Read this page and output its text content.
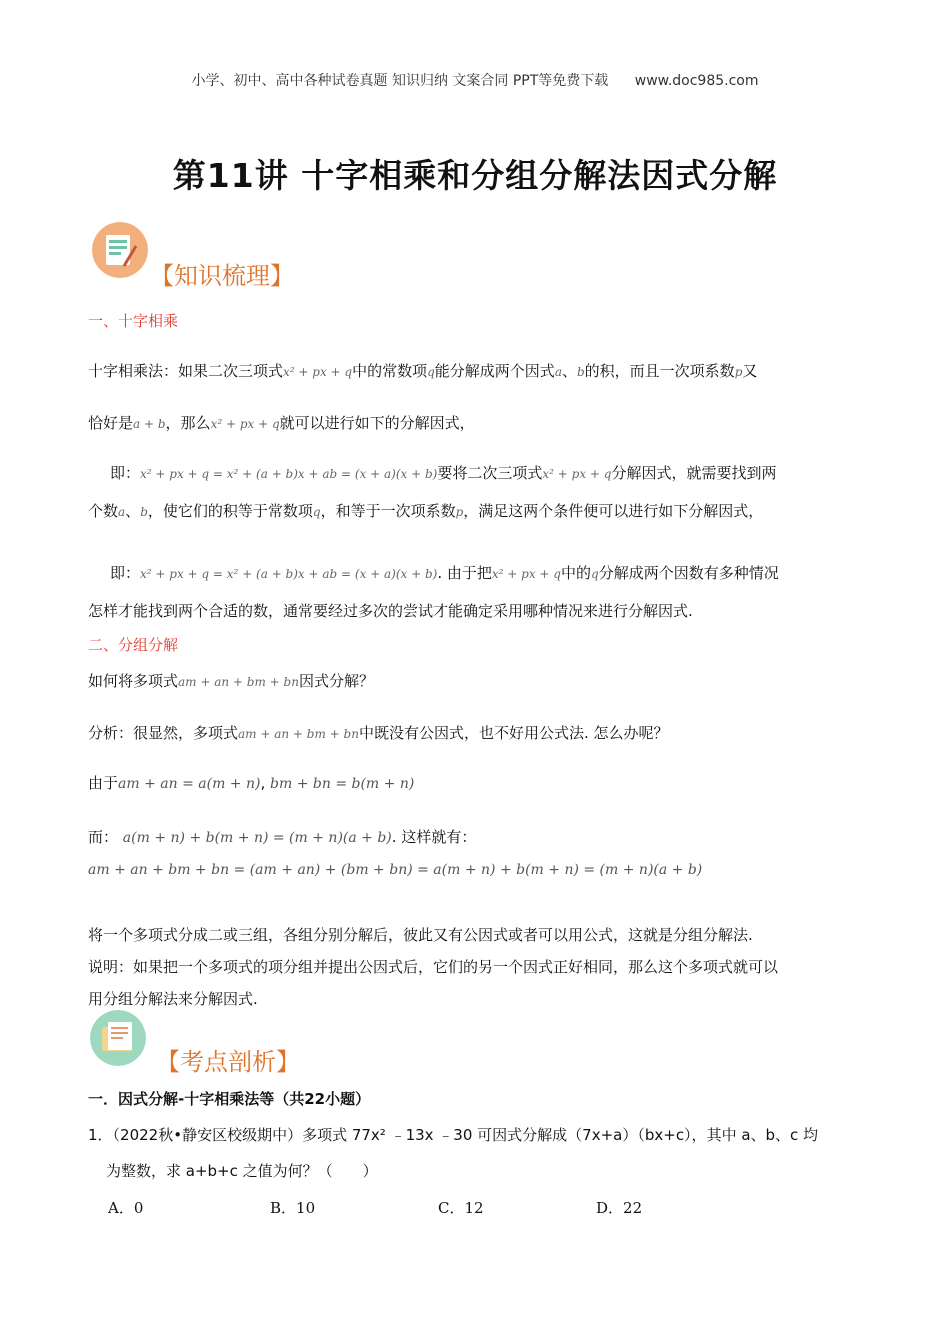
小学、初中、高中各种试卷真题 知识归纳 文案合同 PPT等免费下载 www.doc985.com
第11讲 十字相乘和分组分解法因式分解
【知识梳理】
一、十字相乘
十字相乘法：如果二次三项式x² + px + q中的常数项q能分解成两个因式a、b的积，而且一次项系数p又
恰好是a + b，那么x² + px + q就可以进行如下的分解因式，
即：x² + px + q = x² + (a + b)x + ab = (x + a)(x + b)要将二次三项式x² + px + q分解因式，就需要找到两
个数a、b，使它们的积等于常数项q，和等于一次项系数p，满足这两个条件便可以进行如下分解因式，
即：x² + px + q = x² + (a + b)x + ab = (x + a)(x + b). 由于把x² + px + q中的q分解成两个因数有多种情况
怎样才能找到两个合适的数，通常要经过多次的尝试才能确定采用哪种情况来进行分解因式.
二、分组分解
如何将多项式am + an + bm + bn因式分解？
分析：很显然，多项式am + an + bm + bn中既没有公因式，也不好用公式法. 怎么办呢？
由于am + an = a(m + n), bm + bn = b(m + n)
而： a(m + n) + b(m + n) = (m + n)(a + b). 这样就有：
am + an + bm + bn = (am + an) + (bm + bn) = a(m + n) + b(m + n) = (m + n)(a + b)
将一个多项式分成二或三组，各组分别分解后，彼此又有公因式或者可以用公式，这就是分组分解法.
说明：如果把一个多项式的项分组并提出公因式后，它们的另一个因式正好相同，那么这个多项式就可以
用分组分解法来分解因式.
【考点剖析】
一．因式分解-十字相乘法等（共22小题）
1．（2022秋•静安区校级期中）多项式 77x² ﹣13x ﹣30 可因式分解成（7x+a）（bx+c），其中 a、b、c 均
为整数，求 a+b+c 之值为何？（　　）
A．0	B．10	C．12	D．22
